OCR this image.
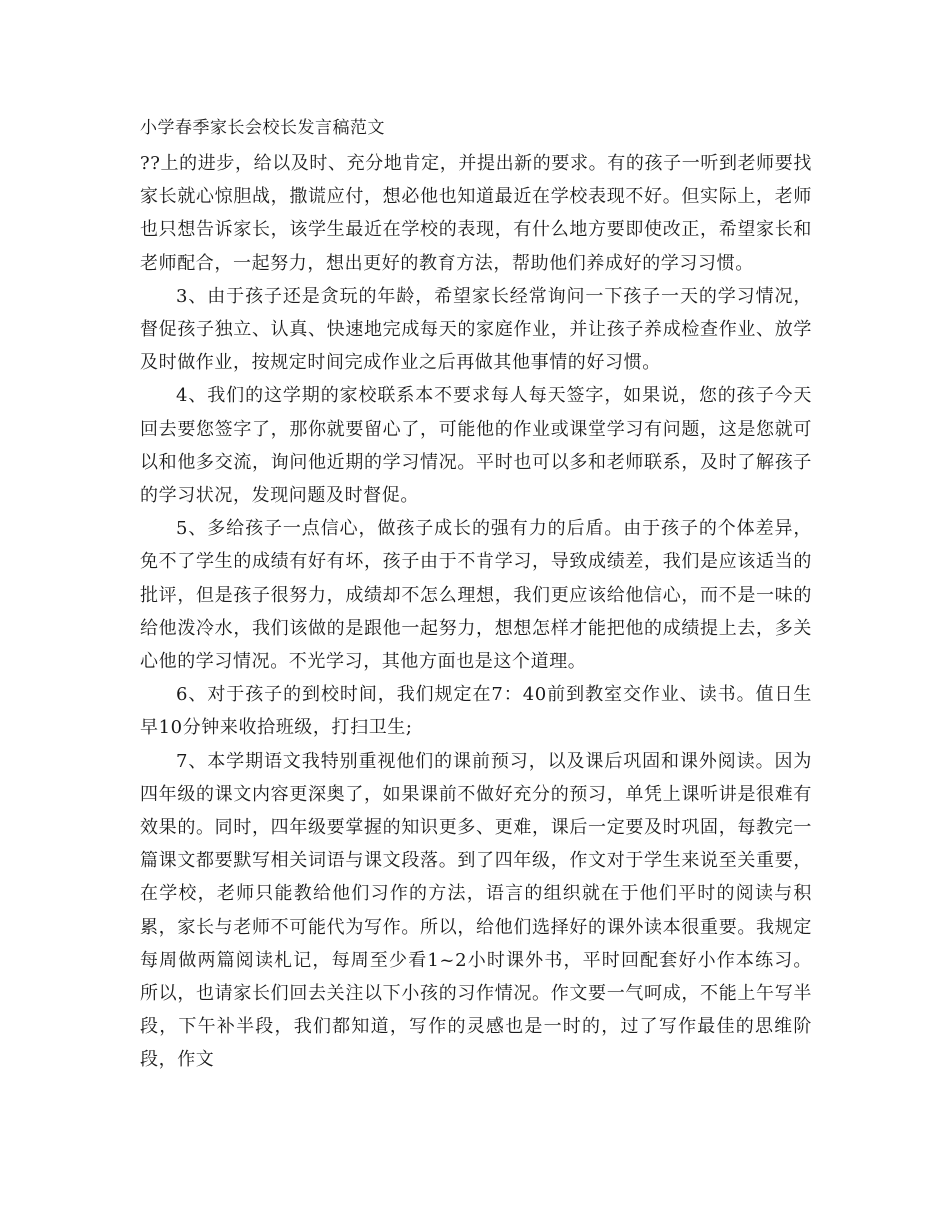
小学春季家长会校长发言稿范文

??上的进步，给以及时、充分地肯定，并提出新的要求。有的孩子一听到老师要找家长就心惊胆战，撒谎应付，想必他也知道最近在学校表现不好。但实际上，老师也只想告诉家长，该学生最近在学校的表现，有什么地方要即使改正，希望家长和老师配合，一起努力，想出更好的教育方法，帮助他们养成好的学习习惯。

3、由于孩子还是贪玩的年龄，希望家长经常询问一下孩子一天的学习情况，督促孩子独立、认真、快速地完成每天的家庭作业，并让孩子养成检查作业、放学及时做作业，按规定时间完成作业之后再做其他事情的好习惯。

4、我们的这学期的家校联系本不要求每人每天签字，如果说，您的孩子今天回去要您签字了，那你就要留心了，可能他的作业或课堂学习有问题，这是您就可以和他多交流，询问他近期的学习情况。平时也可以多和老师联系，及时了解孩子的学习状况，发现问题及时督促。

5、多给孩子一点信心，做孩子成长的强有力的后盾。由于孩子的个体差异，免不了学生的成绩有好有坏，孩子由于不肯学习，导致成绩差，我们是应该适当的批评，但是孩子很努力，成绩却不怎么理想，我们更应该给他信心，而不是一味的给他泼冷水，我们该做的是跟他一起努力，想想怎样才能把他的成绩提上去，多关心他的学习情况。不光学习，其他方面也是这个道理。

6、对于孩子的到校时间，我们规定在7：40前到教室交作业、读书。值日生早10分钟来收拾班级，打扫卫生;

7、本学期语文我特别重视他们的课前预习，以及课后巩固和课外阅读。因为四年级的课文内容更深奥了，如果课前不做好充分的预习，单凭上课听讲是很难有效果的。同时，四年级要掌握的知识更多、更难，课后一定要及时巩固，每教完一篇课文都要默写相关词语与课文段落。到了四年级，作文对于学生来说至关重要，在学校，老师只能教给他们习作的方法，语言的组织就在于他们平时的阅读与积累，家长与老师不可能代为写作。所以，给他们选择好的课外读本很重要。我规定每周做两篇阅读札记，每周至少看1~2小时课外书，平时回配套好小作本练习。所以，也请家长们回去关注以下小孩的习作情况。作文要一气呵成，不能上午写半段，下午补半段，我们都知道，写作的灵感也是一时的，过了写作最佳的思维阶段，作文
